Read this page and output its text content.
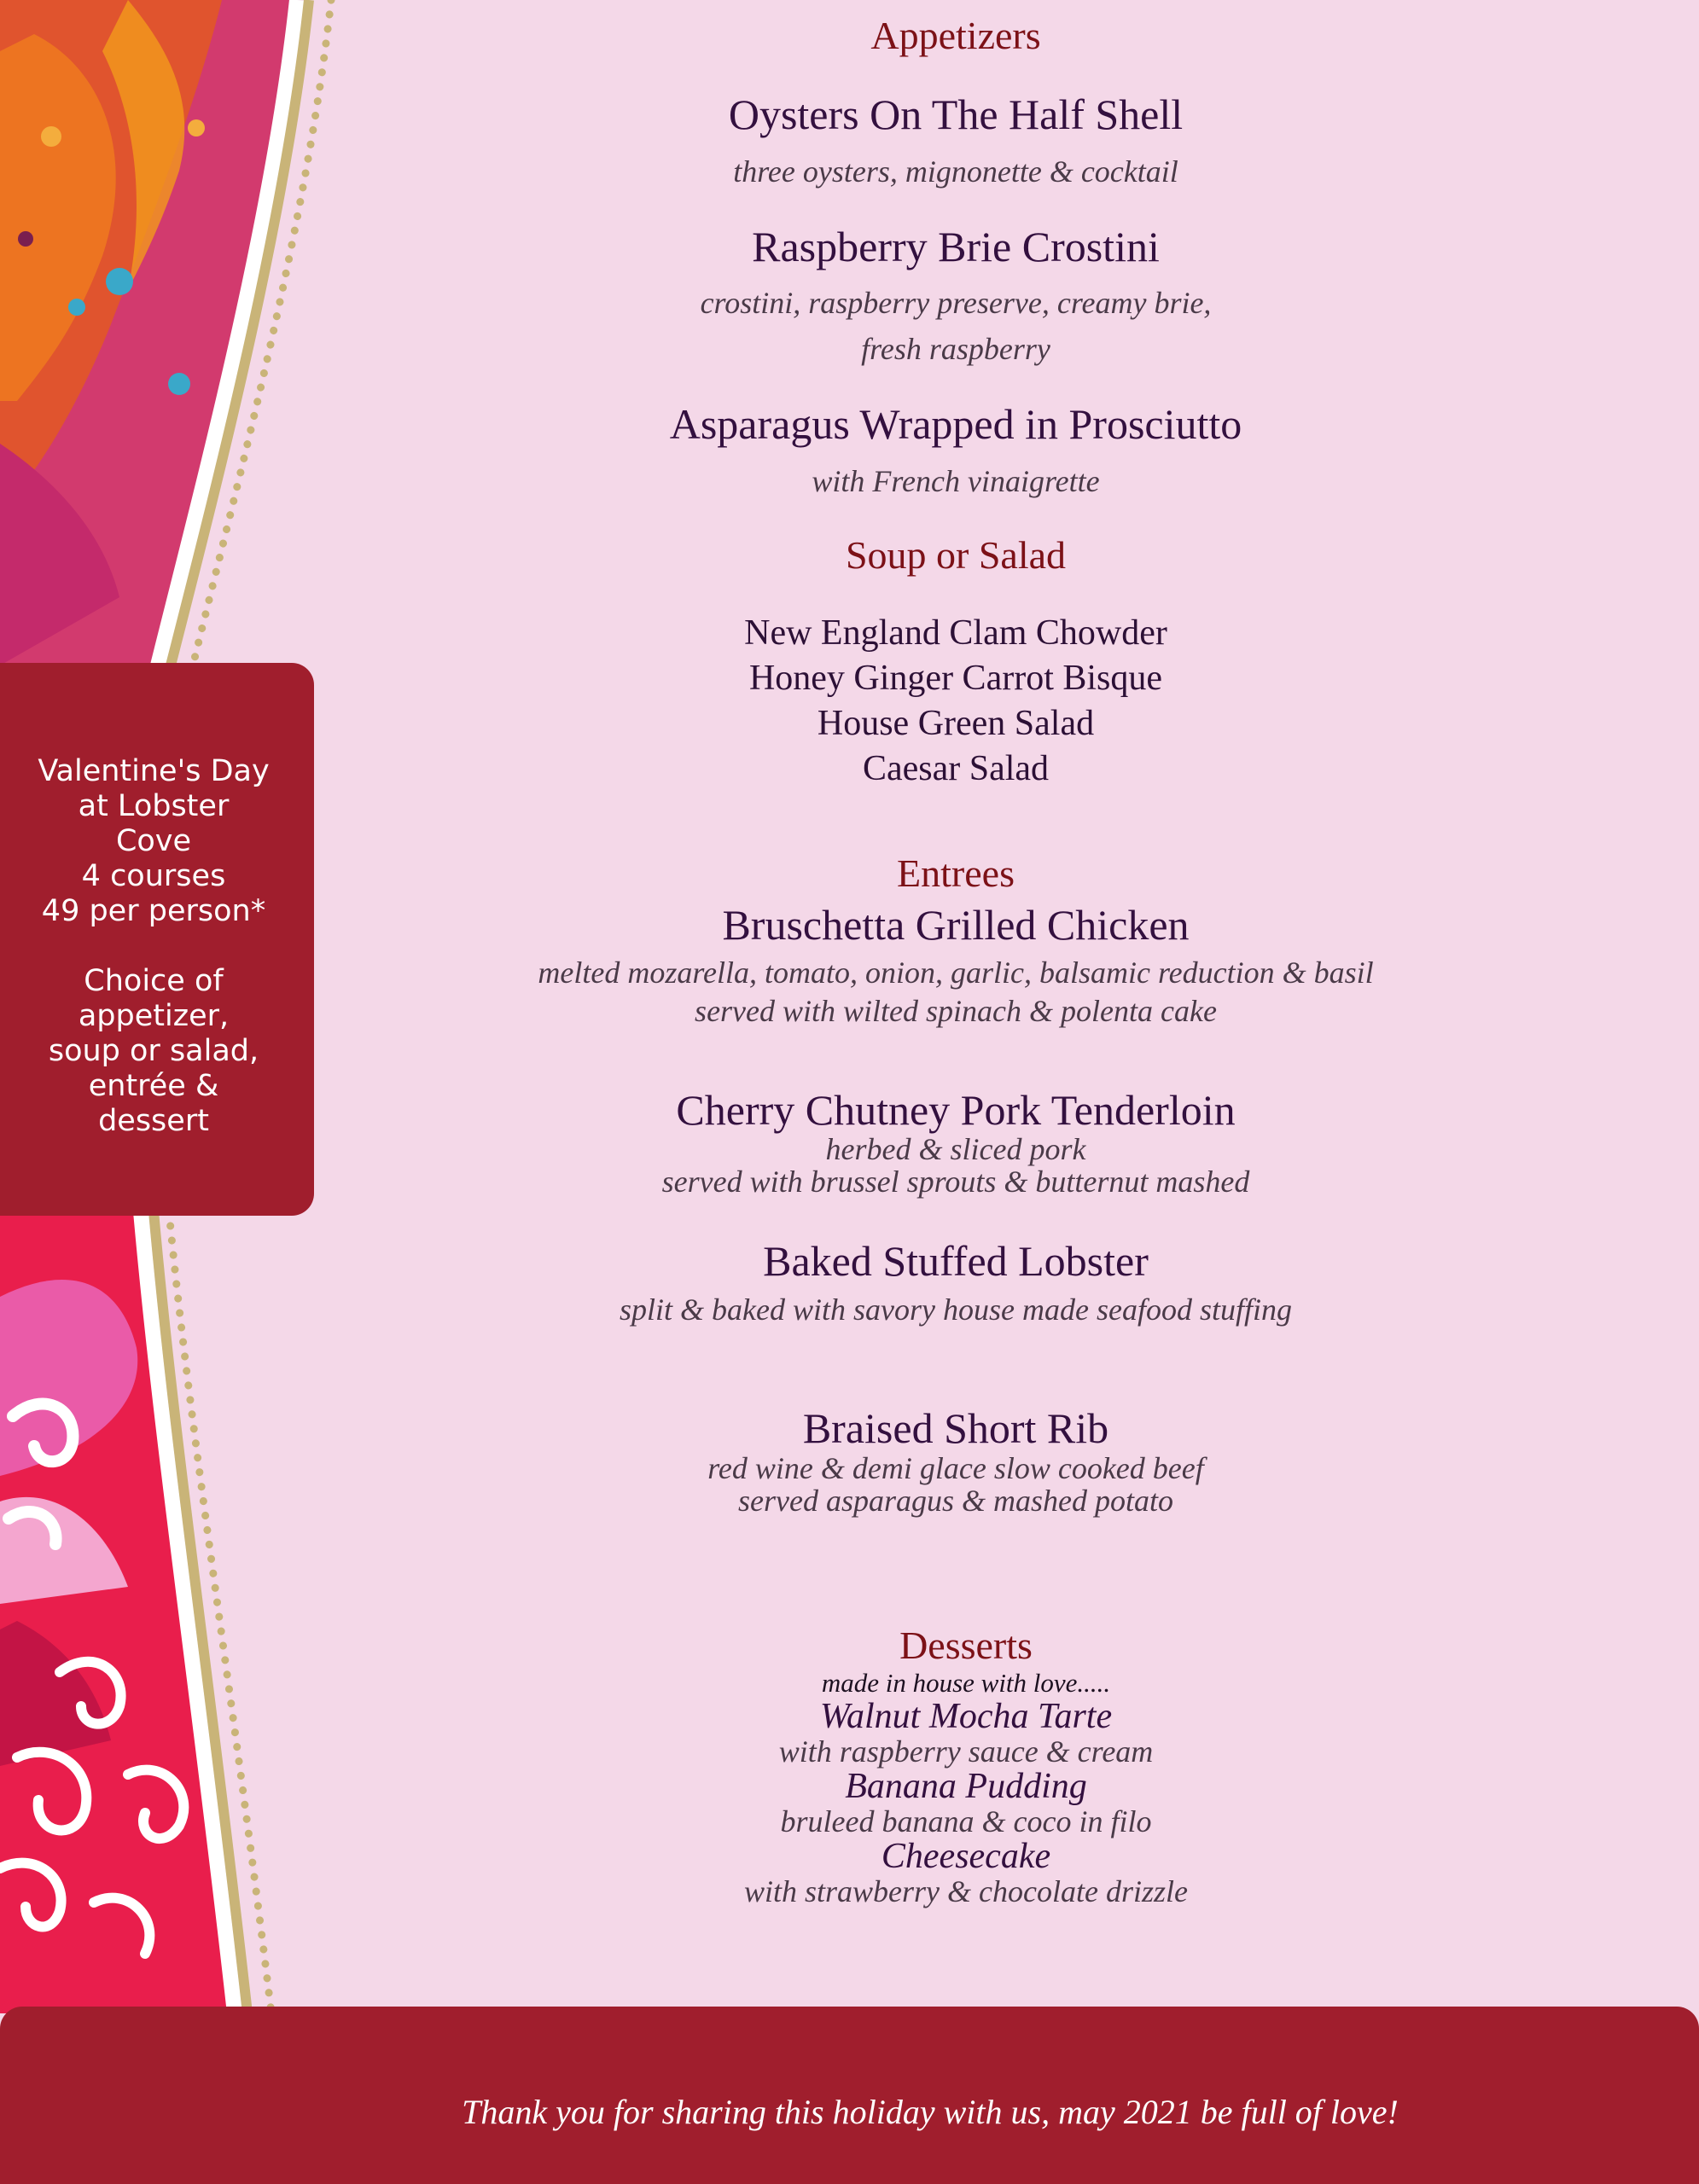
Appetizers
Oysters On The Half Shell
three oysters, mignonette & cocktail
Raspberry Brie Crostini
crostini, raspberry preserve, creamy brie,
fresh raspberry
Asparagus Wrapped in Prosciutto
with French vinaigrette
Soup or Salad
New England Clam Chowder
Honey Ginger Carrot Bisque
House Green Salad
Caesar Salad
Entrees
Bruschetta Grilled Chicken
melted mozarella, tomato, onion, garlic, balsamic reduction & basil
served with wilted spinach & polenta cake
Cherry Chutney Pork Tenderloin
herbed & sliced pork
served with brussel sprouts & butternut mashed
Baked Stuffed Lobster
split & baked with savory house made seafood stuffing
Braised Short Rib
red wine & demi glace slow cooked beef
served asparagus & mashed potato
Desserts
made in house with love.....
Walnut Mocha Tarte
with raspberry sauce & cream
Banana Pudding
bruleed banana & coco in filo
Cheesecake
with strawberry & chocolate drizzle
Valentine's Day
at Lobster
Cove
4 courses
49 per person*
Choice of
appetizer,
soup or salad,
entrée &
dessert
Thank you for sharing this holiday with us, may 2021 be full of love!
